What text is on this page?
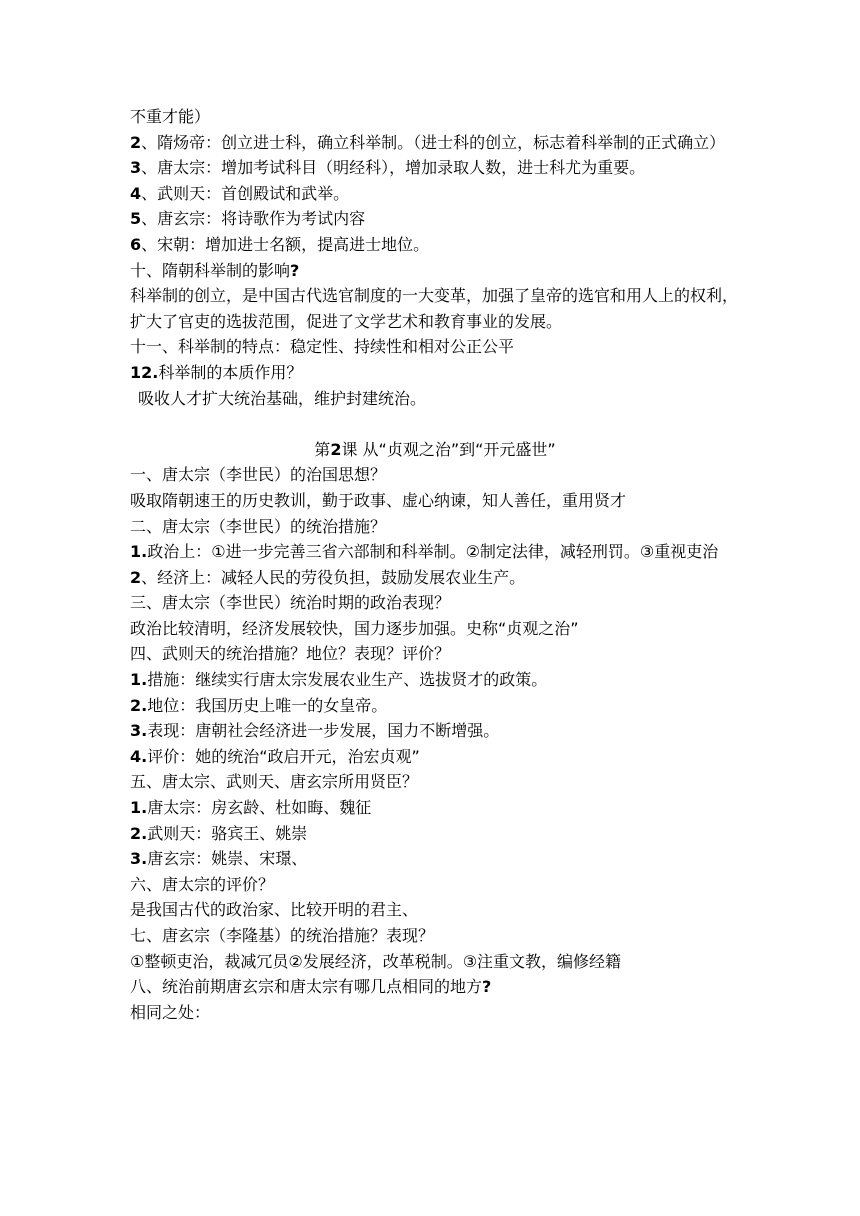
不重才能）
2、隋炀帝：创立进士科，确立科举制。（进士科的创立，标志着科举制的正式确立）
3、唐太宗：增加考试科目（明经科），增加录取人数，进士科尤为重要。
4、武则天：首创殿试和武举。
5、唐玄宗：将诗歌作为考试内容
6、宋朝：增加进士名额，提高进士地位。
十、隋朝科举制的影响?
科举制的创立，是中国古代选官制度的一大变革，加强了皇帝的选官和用人上的权利，扩大了官吏的选拔范围，促进了文学艺术和教育事业的发展。
十一、科举制的特点：稳定性、持续性和相对公正公平
12.科举制的本质作用？
吸收人才扩大统治基础，维护封建统治。
第2课 从“贞观之治”到“开元盛世”
一、唐太宗（李世民）的治国思想？
吸取隋朝速王的历史教训，勤于政事、虚心纳谏，知人善任，重用贤才
二、唐太宗（李世民）的统治措施？
1.政治上：①进一步完善三省六部制和科举制。②制定法律，减轻刑罚。③重视吏治
2、经济上：减轻人民的劳役负担，鼓励发展农业生产。
三、唐太宗（李世民）统治时期的政治表现？
政治比较清明，经济发展较快，国力逐步加强。史称“贞观之治”
四、武则天的统治措施？地位？表现？评价？
1.措施：继续实行唐太宗发展农业生产、选拔贤才的政策。
2.地位：我国历史上唯一的女皇帝。
3.表现：唐朝社会经济进一步发展，国力不断增强。
4.评价：她的统治“政启开元，治宏贞观”
五、唐太宗、武则天、唐玄宗所用贤臣？
1.唐太宗：房玄龄、杜如晦、魏征
2.武则天：骆宾王、姚崇
3.唐玄宗：姚崇、宋璟、
六、唐太宗的评价？
是我国古代的政治家、比较开明的君主、
七、唐玄宗（李隆基）的统治措施？表现？
①整顿吏治，裁减冗员②发展经济，改革税制。③注重文教，编修经籍
八、统治前期唐玄宗和唐太宗有哪几点相同的地方?
相同之处：
